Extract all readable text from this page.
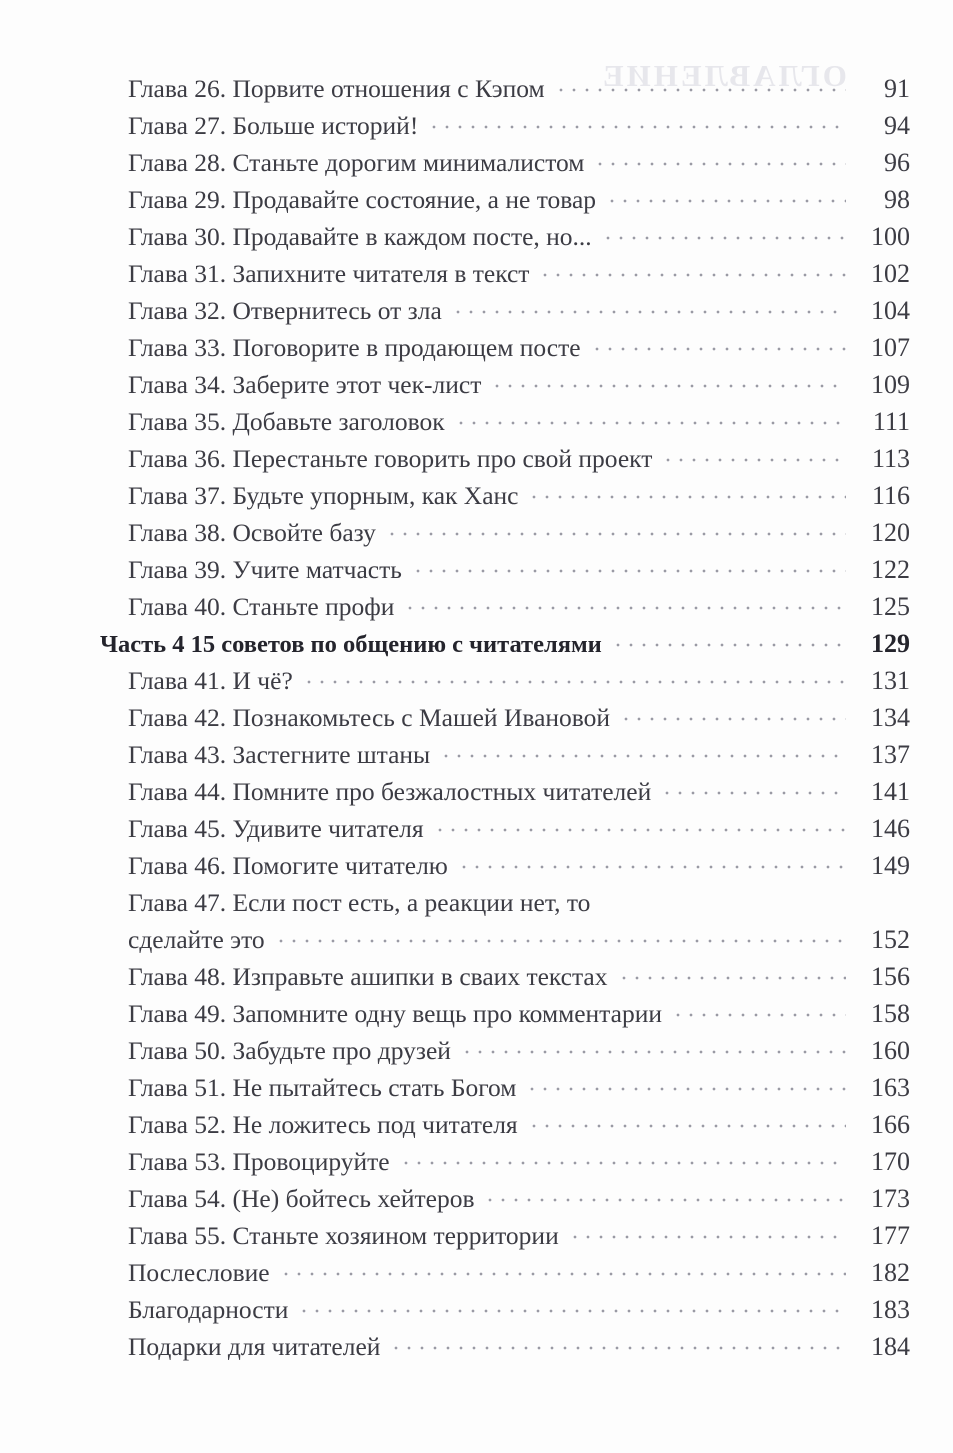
ОГЛАВЛЕНИЕ
Глава 26. Порвите отношения с Кэпом	91
Глава 27. Больше историй!	94
Глава 28. Станьте дорогим минималистом	96
Глава 29. Продавайте состояние, а не товар	98
Глава 30. Продавайте в каждом посте, но...	100
Глава 31. Запихните читателя в текст	102
Глава 32. Отвернитесь от зла	104
Глава 33. Поговорите в продающем посте	107
Глава 34. Заберите этот чек-лист	109
Глава 35. Добавьте заголовок	111
Глава 36. Перестаньте говорить про свой проект	113
Глава 37. Будьте упорным, как Ханс	116
Глава 38. Освойте базу	120
Глава 39. Учите матчасть	122
Глава 40. Станьте профи	125
Часть 4 15 советов по общению с читателями	129
Глава 41. И чё?	131
Глава 42. Познакомьтесь с Машей Ивановой	134
Глава 43. Застегните штаны	137
Глава 44. Помните про безжалостных читателей	141
Глава 45. Удивите читателя	146
Глава 46. Помогите читателю	149
Глава 47. Если пост есть, а реакции нет, то
сделайте это	152
Глава 48. Изправьте ашипки в сваих текстах	156
Глава 49. Запомните одну вещь про комментарии	158
Глава 50. Забудьте про друзей	160
Глава 51. Не пытайтесь стать Богом	163
Глава 52. Не ложитесь под читателя	166
Глава 53. Провоцируйте	170
Глава 54. (Не) бойтесь хейтеров	173
Глава 55. Станьте хозяином территории	177
Послесловие	182
Благодарности	183
Подарки для читателей	184
